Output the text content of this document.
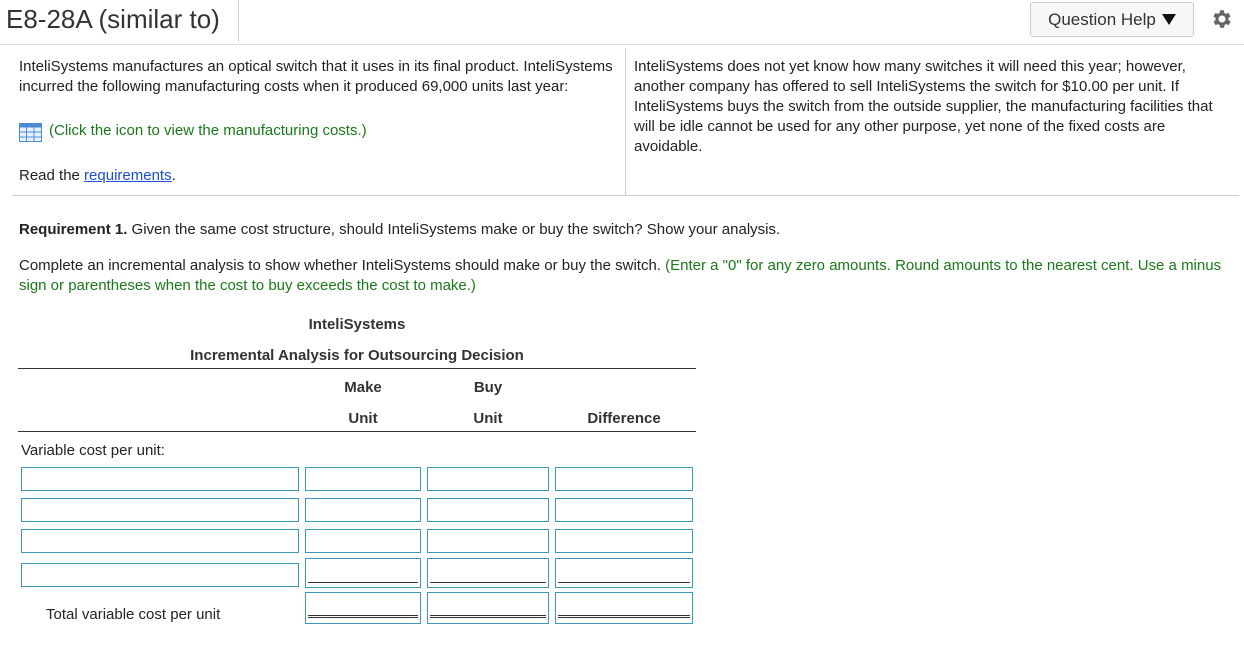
E8-28A (similar to)	Question Help
InteliSystems manufactures an optical switch that it uses in its final product. InteliSystems incurred the following manufacturing costs when it produced 69,000 units last year:
(Click the icon to view the manufacturing costs.)
Read the requirements.
InteliSystems does not yet know how many switches it will need this year; however, another company has offered to sell InteliSystems the switch for $10.00 per unit. If InteliSystems buys the switch from the outside supplier, the manufacturing facilities that will be idle cannot be used for any other purpose, yet none of the fixed costs are avoidable.
Requirement 1. Given the same cost structure, should InteliSystems make or buy the switch? Show your analysis.
Complete an incremental analysis to show whether InteliSystems should make or buy the switch. (Enter a "0" for any zero amounts. Round amounts to the nearest cent. Use a minus sign or parentheses when the cost to buy exceeds the cost to make.)
InteliSystems
Incremental Analysis for Outsourcing Decision
Make
Unit
Buy
Unit	Difference
Variable cost per unit:
Total variable cost per unit
